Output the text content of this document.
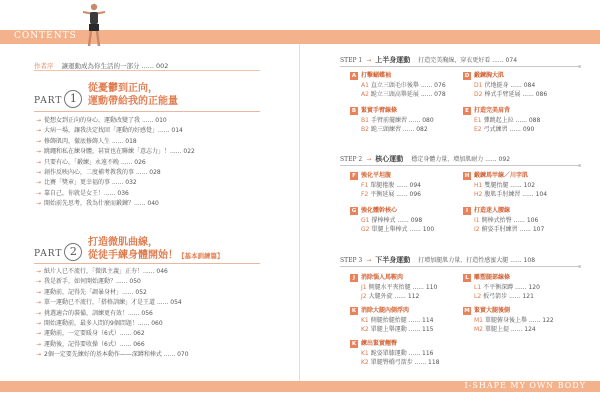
CONTENTS
I-SHAPE MY OWN BODY
作者序 讓運動成為你生活的一部分 ...... 002
PART 1
從憂鬱到正向，
運動帶給我的正能量
→ 從想女到正向的身心，運動改變了我 ...... 010
→ 大病一場，讓我決定找回「運動的好感覺」...... 014
→ 修飾肌肉，徹底修飾人生 ...... 018
→ 跳繩和私在練身體，甚實也在聯練「意志力」！...... 022
→ 只要有心，「鍛練」永遠不晚 ...... 026
→ 創作反映內心，二度補考教我的事 ...... 028
→ 比賽「獎章」更幸福的事 ...... 032
→ 靠自己，你就是女王！...... 036
→ 開始前先思考，我為什麼而鍛鍊？...... 040
PART 2
打造微肌曲線，
從徒手練身體開始！【基本訓練篇】
→ 紙片人已不流行，「微肌主義」正夯！...... 046
→ 我是新手，如何開始運動？...... 050
→ 運動前，記得先「調暴身材」...... 052
→ 單一運動已不流行，「搭格訓練」才是王道 ...... 054
→ 挑選適合的裝備，訓練更有效！...... 056
→ 開始運動前，最多人問的9個問題！...... 060
→ 運動前，一定要暖身（6式）...... 062
→ 運動後，記得要收操（6式）...... 066
→ 2個一定要先練好的基本動作——深蹲和棒式 ...... 070
STEP 1 → 上半身運動 打造完美胸線，穿衣更好看 ...... 074
A 打擊蝴蝶袖
A1 直立三頭毛巾後舉 ...... 076
A2 跪立三頭高舉延展 ...... 078
D 鍛鍊胸大肌
D1 伏地挺身 ...... 084
D2 棒式手臂延展 ...... 086
B 緊實手臂線條
B1 手臂前擺練習 ...... 080
B2 跪三頭練習 ...... 082
E 打造完美肩背
E1 彈跳起上拉 ...... 088
E2 弓式練習 ...... 090
STEP 2 → 核心運動 穩定身體力量、增加肌耐力 ...... 092
F 強化平坦腹
F1 單腿捲腹 ...... 094
F2 平衡延展 ...... 096
H 鍛鍊馬甲線／川字肌
H1 雙腿抬腿 ...... 102
H2 腹肌手肘練習 ...... 104
G 強化體幹核心
G1 撐棒棒式 ...... 098
G2 單腿上舉棒式 ...... 100
I 打造迷人腰線
I1 側棒式抬臀 ...... 106
I2 俯姿手肘練習 ...... 107
STEP 3 → 下半身運動 打增加腿肌力量、打造性感蜜大腿 ...... 108
J 消除惱人馬鞍肉
J1 側腿水平夾抬腿 ...... 110
J2 大腿外旋 ...... 112
L 雕塑腿部線條
L1 不平衡深蹲 ...... 120
L2 扳弓箭步 ...... 121
K 消除大腿內側浮肉
K1 側腿抬腿抬腿 ...... 114
K2 單腿上舉運動 ...... 115
M 緊實大腿後側
M1 單腿俯身後上舉 ...... 122
M2 單腿上提 ...... 124
K 練出緊實翹臀
K1 跪姿單膝運動 ...... 116
K2 單腿臀橋弓箭步 ...... 118
